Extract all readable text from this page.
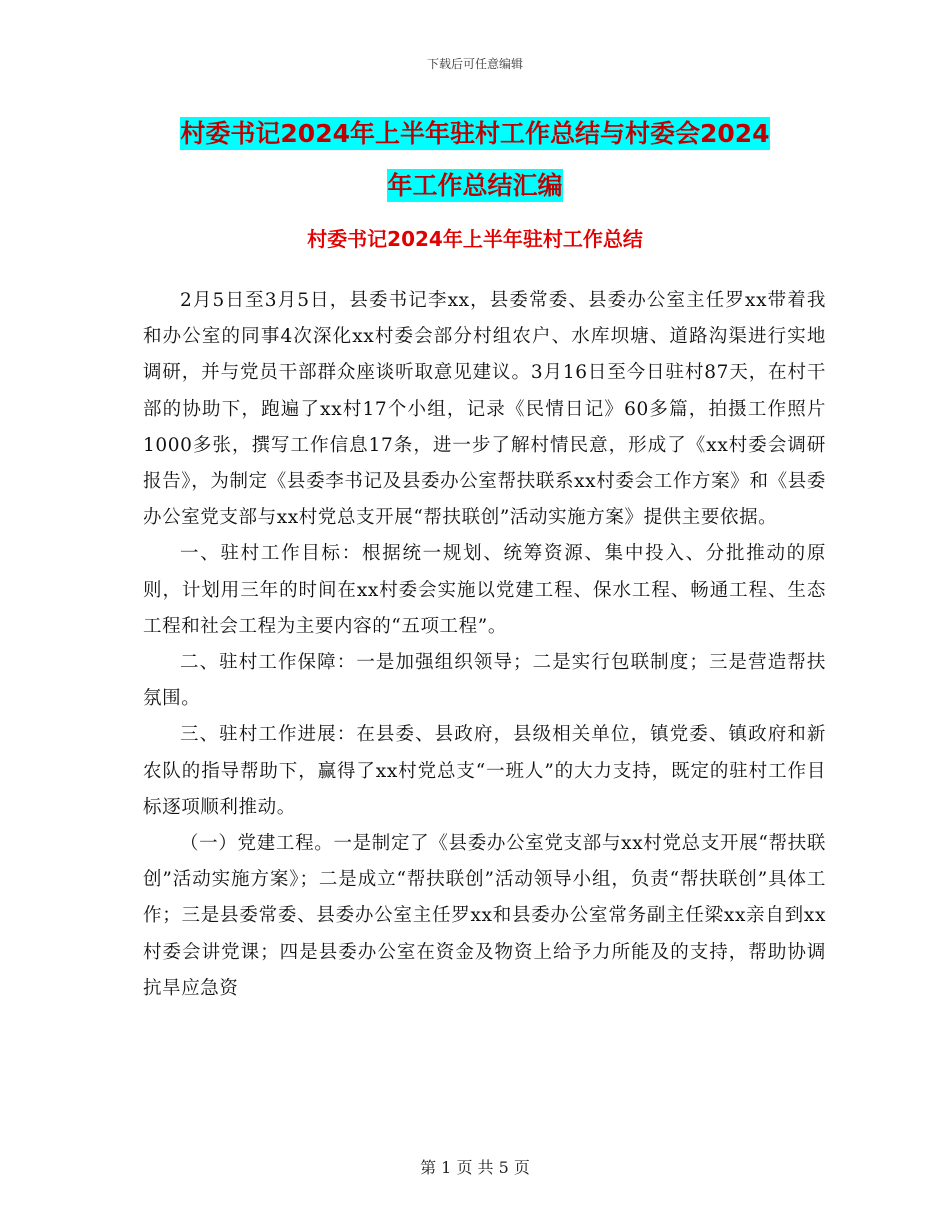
下载后可任意编辑
村委书记2024年上半年驻村工作总结与村委会2024
年工作总结汇编
村委书记2024年上半年驻村工作总结

2月5日至3月5日，县委书记李xx，县委常委、县委办公室主任罗xx带着我和办公室的同事4次深化xx村委会部分村组农户、水库坝塘、道路沟渠进行实地调研，并与党员干部群众座谈听取意见建议。3月16日至今日驻村87天，在村干部的协助下，跑遍了xx村17个小组，记录《民情日记》60多篇，拍摄工作照片1000多张，撰写工作信息17条，进一步了解村情民意，形成了《xx村委会调研报告》，为制定《县委李书记及县委办公室帮扶联系xx村委会工作方案》和《县委办公室党支部与xx村党总支开展“帮扶联创”活动实施方案》提供主要依据。

一、驻村工作目标：根据统一规划、统筹资源、集中投入、分批推动的原则，计划用三年的时间在xx村委会实施以党建工程、保水工程、畅通工程、生态工程和社会工程为主要内容的“五项工程”。

二、驻村工作保障：一是加强组织领导；二是实行包联制度；三是营造帮扶氛围。

三、驻村工作进展：在县委、县政府，县级相关单位，镇党委、镇政府和新农队的指导帮助下，赢得了xx村党总支“一班人”的大力支持，既定的驻村工作目标逐项顺利推动。

（一）党建工程。一是制定了《县委办公室党支部与xx村党总支开展“帮扶联创”活动实施方案》；二是成立“帮扶联创”活动领导小组，负责“帮扶联创”具体工作；三是县委常委、县委办公室主任罗xx和县委办公室常务副主任梁xx亲自到xx村委会讲党课；四是县委办公室在资金及物资上给予力所能及的支持，帮助协调抗旱应急资

第 1 页 共 5 页
